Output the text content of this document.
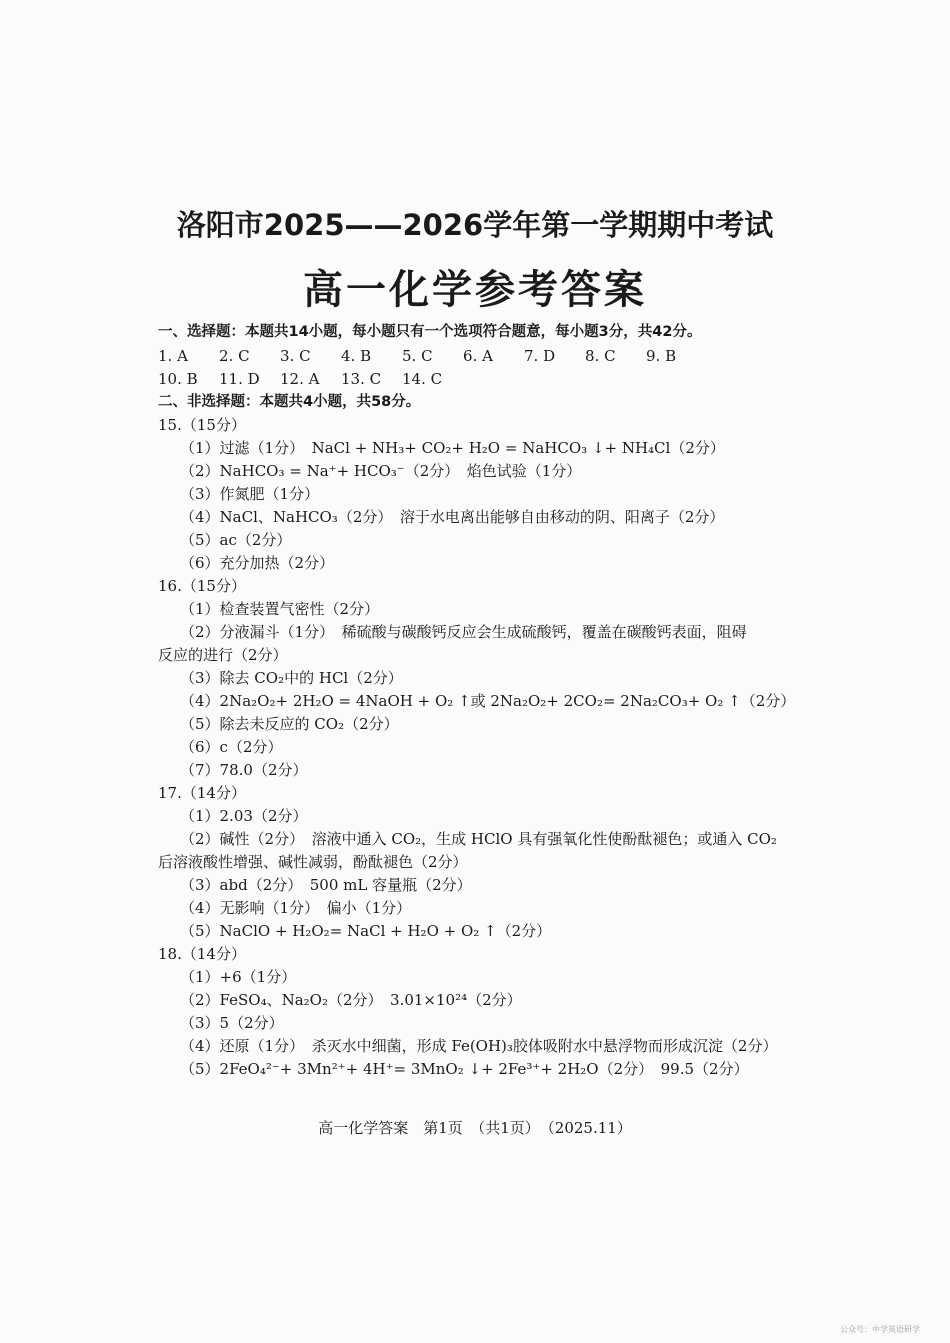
洛阳市2025——2026学年第一学期期中考试
高一化学参考答案
一、选择题：本题共14小题，每小题只有一个选项符合题意，每小题3分，共42分。
1. A 2. C 3. C 4. B 5. C 6. A 7. D 8. C 9. B
10. B 11. D 12. A 13. C 14. C
二、非选择题：本题共4小题，共58分。
15.（15分）
（1）过滤（1分）　NaCl + NH₃+ CO₂+ H₂O = NaHCO₃ ↓+ NH₄Cl（2分）
（2）NaHCO₃ = Na⁺+ HCO₃⁻（2分）　焰色试验（1分）
（3）作氮肥（1分）
（4）NaCl、NaHCO₃（2分）　溶于水电离出能够自由移动的阴、阳离子（2分）
（5）ac（2分）
（6）充分加热（2分）
16.（15分）
（1）检查装置气密性（2分）
（2）分液漏斗（1分）　稀硫酸与碳酸钙反应会生成硫酸钙，覆盖在碳酸钙表面，阻碍
反应的进行（2分）
（3）除去 CO₂中的 HCl（2分）
（4）2Na₂O₂+ 2H₂O = 4NaOH + O₂ ↑或 2Na₂O₂+ 2CO₂= 2Na₂CO₃+ O₂ ↑（2分）
（5）除去未反应的 CO₂（2分）
（6）c（2分）
（7）78.0（2分）
17.（14分）
（1）2.03（2分）
（2）碱性（2分）　溶液中通入 CO₂，生成 HClO 具有强氧化性使酚酞褪色；或通入 CO₂
后溶液酸性增强、碱性减弱，酚酞褪色（2分）
（3）abd（2分）　500 mL 容量瓶（2分）
（4）无影响（1分）　偏小（1分）
（5）NaClO + H₂O₂= NaCl + H₂O + O₂ ↑（2分）
18.（14分）
（1）+6（1分）
（2）FeSO₄、Na₂O₂（2分）　3.01×10²⁴（2分）
（3）5（2分）
（4）还原（1分）　杀灭水中细菌，形成 Fe(OH)₃胶体吸附水中悬浮物而形成沉淀（2分）
（5）2FeO₄²⁻+ 3Mn²⁺+ 4H⁺= 3MnO₂ ↓+ 2Fe³⁺+ 2H₂O（2分）　99.5（2分）
高一化学答案　第1页　（共1页）　（2025.11）
公众号：中学英语研学
